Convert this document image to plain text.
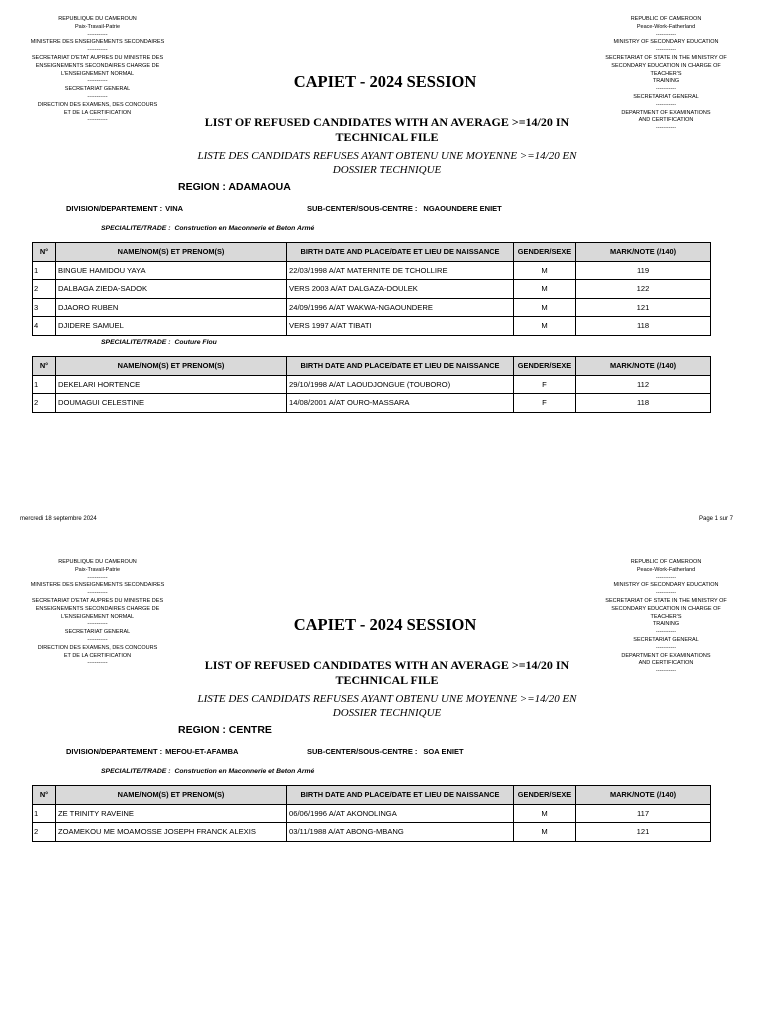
REPUBLIQUE DU CAMEROUN
Paix-Travail-Patrie
-----------
MINISTERE DES ENSEIGNEMENTS SECONDAIRES
-----------
SECRETARIAT D'ETAT AUPRES DU MINISTRE DES
ENSEIGNEMENTS SECONDAIRES CHARGE DE
L'ENSEIGNEMENT NORMAL
-----------
SECRETARIAT GENERAL
-----------
DIRECTION DES EXAMENS, DES CONCOURS
ET DE LA CERTIFICATION
-----------
REPUBLIC OF CAMEROON
Peace-Work-Fatherland
-----------
MINISTRY OF SECONDARY EDUCATION
-----------
SECRETARIAT OF STATE IN THE MINISTRY OF
SECONDARY EDUCATION IN CHARGE OF TEACHER'S
TRAINING
-----------
SECRETARIAT GENERAL
-----------
DEPARTMENT OF EXAMINATIONS
AND CERTIFICATION
-----------
CAPIET - 2024 SESSION
LIST OF REFUSED CANDIDATES WITH AN AVERAGE >=14/20 IN TECHNICAL FILE
LISTE DES CANDIDATS REFUSES AYANT OBTENU UNE MOYENNE >=14/20 EN DOSSIER TECHNIQUE
REGION : ADAMAOUA
DIVISION/DEPARTEMENT : VINA	SUB-CENTER/SOUS-CENTRE : NGAOUNDERE ENIET
SPECIALITE/TRADE : Construction en Maconnerie et Beton Armé
N°	NAME/NOM(S) ET PRENOM(S)	BIRTH DATE AND PLACE/DATE ET LIEU DE NAISSANCE	GENDER/SEXE	MARK/NOTE (/140)
1	BINGUE HAMIDOU YAYA	22/03/1998 A/AT MATERNITE DE TCHOLLIRE	M	119
2	DALBAGA ZIEDA-SADOK	VERS 2003 A/AT DALGAZA-DOULEK	M	122
3	DJAORO RUBEN	24/09/1996 A/AT WAKWA-NGAOUNDERE	M	121
4	DJIDERE SAMUEL	VERS 1997 A/AT TIBATI	M	118
SPECIALITE/TRADE : Couture Flou
N°	NAME/NOM(S) ET PRENOM(S)	BIRTH DATE AND PLACE/DATE ET LIEU DE NAISSANCE	GENDER/SEXE	MARK/NOTE (/140)
1	DEKELARI HORTENCE	29/10/1998 A/AT LAOUDJONGUE (TOUBORO)	F	112
2	DOUMAGUI CELESTINE	14/08/2001 A/AT OURO-MASSARA	F	118
mercredi 18 septembre 2024	Page 1 sur 7
REPUBLIQUE DU CAMEROUN
Paix-Travail-Patrie
-----------
MINISTERE DES ENSEIGNEMENTS SECONDAIRES
-----------
SECRETARIAT D'ETAT AUPRES DU MINISTRE DES
ENSEIGNEMENTS SECONDAIRES CHARGE DE
L'ENSEIGNEMENT NORMAL
-----------
SECRETARIAT GENERAL
-----------
DIRECTION DES EXAMENS, DES CONCOURS
ET DE LA CERTIFICATION
-----------
REPUBLIC OF CAMEROON
Peace-Work-Fatherland
-----------
MINISTRY OF SECONDARY EDUCATION
-----------
SECRETARIAT OF STATE IN THE MINISTRY OF
SECONDARY EDUCATION IN CHARGE OF TEACHER'S
TRAINING
-----------
SECRETARIAT GENERAL
-----------
DEPARTMENT OF EXAMINATIONS
AND CERTIFICATION
-----------
CAPIET - 2024 SESSION
LIST OF REFUSED CANDIDATES WITH AN AVERAGE >=14/20 IN TECHNICAL FILE
LISTE DES CANDIDATS REFUSES AYANT OBTENU UNE MOYENNE >=14/20 EN DOSSIER TECHNIQUE
REGION : CENTRE
DIVISION/DEPARTEMENT : MEFOU-ET-AFAMBA	SUB-CENTER/SOUS-CENTRE : SOA ENIET
SPECIALITE/TRADE : Construction en Maconnerie et Beton Armé
N°	NAME/NOM(S) ET PRENOM(S)	BIRTH DATE AND PLACE/DATE ET LIEU DE NAISSANCE	GENDER/SEXE	MARK/NOTE (/140)
1	ZE TRINITY RAVEINE	06/06/1996 A/AT AKONOLINGA	M	117
2	ZOAMEKOU ME MOAMOSSE JOSEPH FRANCK ALEXIS	03/11/1988 A/AT ABONG-MBANG	M	121
